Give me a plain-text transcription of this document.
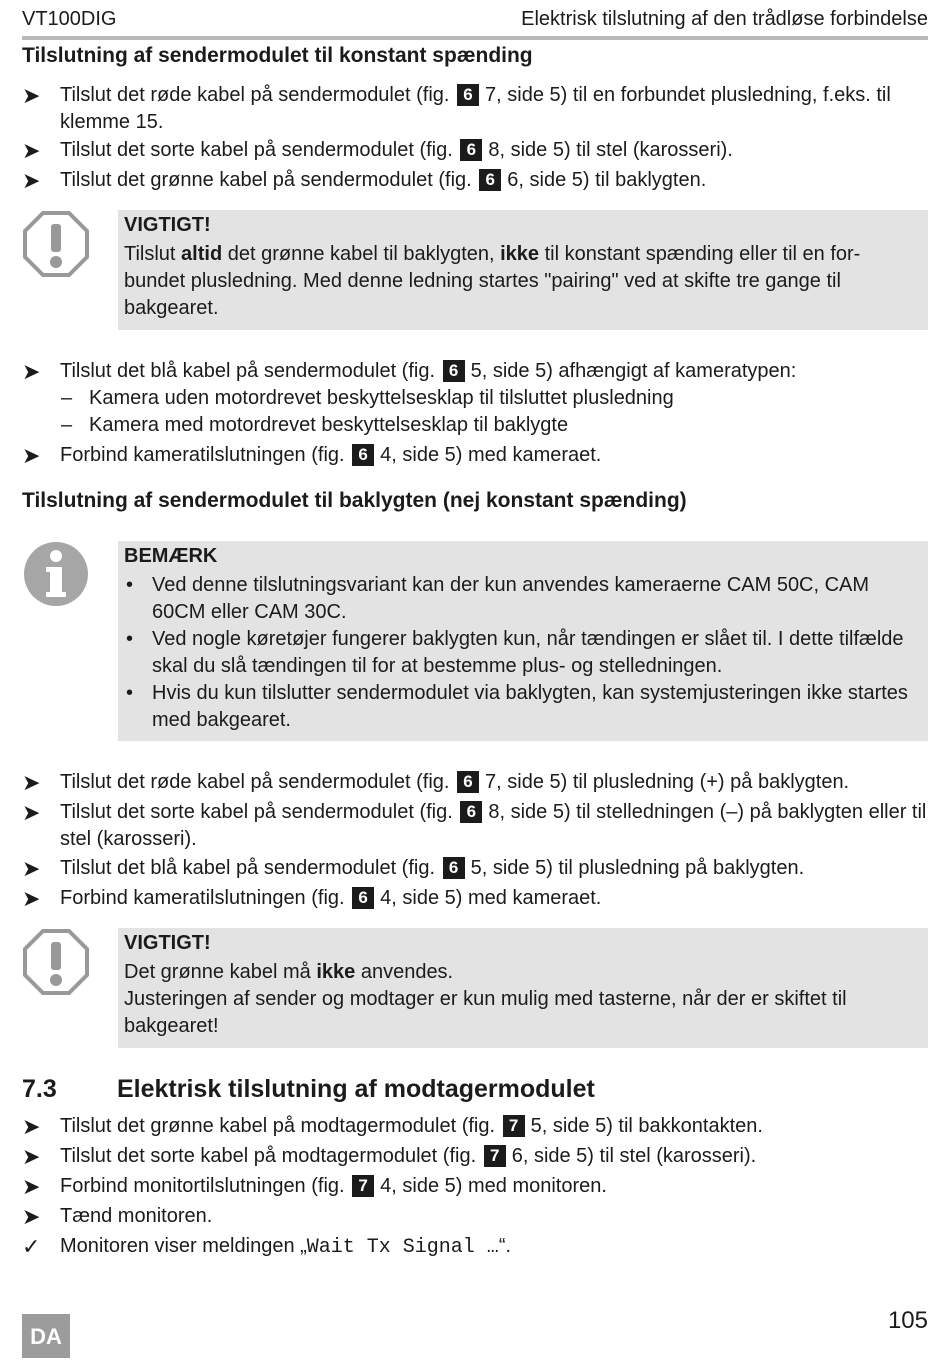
VT100DIG	Elektrisk tilslutning af den trådløse forbindelse
Tilslutning af sendermodulet til konstant spænding
➤ Tilslut det røde kabel på sendermodulet (fig. 6 7, side 5) til en forbundet plusledning, f.eks. til klemme 15.
➤ Tilslut det sorte kabel på sendermodulet (fig. 6 8, side 5) til stel (karosseri).
➤ Tilslut det grønne kabel på sendermodulet (fig. 6 6, side 5) til baklygten.
VIGTIGT!
Tilslut altid det grønne kabel til baklygten, ikke til konstant spænding eller til en for-bundet plusledning. Med denne ledning startes "pairing" ved at skifte tre gange til bakgearet.
➤ Tilslut det blå kabel på sendermodulet (fig. 6 5, side 5) afhængigt af kameratypen:
– Kamera uden motordrevet beskyttelsesklap til tilsluttet plusledning
– Kamera med motordrevet beskyttelsesklap til baklygte
➤ Forbind kameratilslutningen (fig. 6 4, side 5) med kameraet.
Tilslutning af sendermodulet til baklygten (nej konstant spænding)
BEMÆRK
• Ved denne tilslutningsvariant kan der kun anvendes kameraerne CAM 50C, CAM 60CM eller CAM 30C.
• Ved nogle køretøjer fungerer baklygten kun, når tændingen er slået til. I dette tilfælde skal du slå tændingen til for at bestemme plus- og stelledningen.
• Hvis du kun tilslutter sendermodulet via baklygten, kan systemjusteringen ikke startes med bakgearet.
➤ Tilslut det røde kabel på sendermodulet (fig. 6 7, side 5) til plusledning (+) på baklygten.
➤ Tilslut det sorte kabel på sendermodulet (fig. 6 8, side 5) til stelledningen (–) på baklygten eller til stel (karosseri).
➤ Tilslut det blå kabel på sendermodulet (fig. 6 5, side 5) til plusledning på baklygten.
➤ Forbind kameratilslutningen (fig. 6 4, side 5) med kameraet.
VIGTIGT!
Det grønne kabel må ikke anvendes.
Justeringen af sender og modtager er kun mulig med tasterne, når der er skiftet til bakgearet!
7.3 Elektrisk tilslutning af modtagermodulet
➤ Tilslut det grønne kabel på modtagermodulet (fig. 7 5, side 5) til bakkontakten.
➤ Tilslut det sorte kabel på modtagermodulet (fig. 7 6, side 5) til stel (karosseri).
➤ Forbind monitortilslutningen (fig. 7 4, side 5) med monitoren.
➤ Tænd monitoren.
✓ Monitoren viser meldingen „Wait Tx Signal …“.
DA
105
